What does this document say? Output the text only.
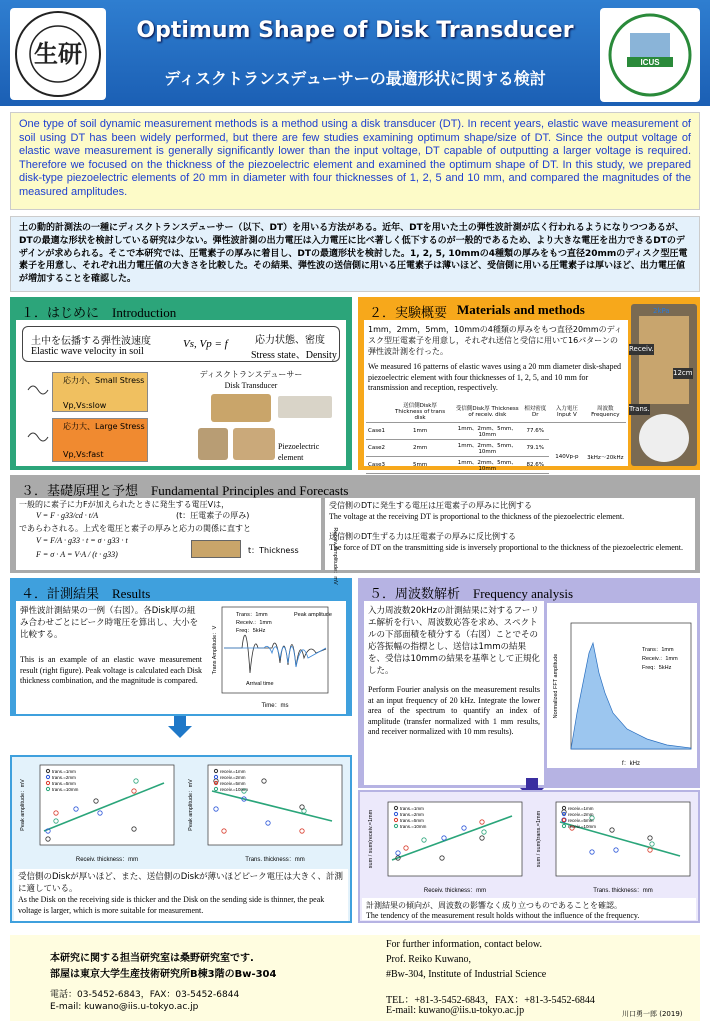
生研
Optimum Shape of Disk Transducer
ディスクトランスデューサーの最適形状に関する検討
ICUS
One type of soil dynamic measurement methods is a method using a disk transducer (DT). In recent years, elastic wave measurement of soil using DT has been widely performed, but there are few studies examining optimum shape/size of DT. Since the output voltage of elastic wave measurement is generally significantly lower than the input voltage, DT capable of outputting a larger voltage is required. Therefore we focused on the thickness of the piezoelectric element and examined the optimum shape of DT. In this study, we prepared disk-type piezoelectric elements of 20 mm in diameter with four thicknesses of 1, 2, 5 and 10 mm, and compared the magnitudes of the measured amplitudes.
土の動的計測法の一種にディスクトランスデューサー（以下、DT）を用いる方法がある。近年、DTを用いた土の弾性波計測が広く行われるようになりつつあるが、DTの最適な形状を検討している研究は少ない。弾性波計測の出力電圧は入力電圧に比べ著しく低下するのが一般的であるため、より大きな電圧を出力できるDTのデザインが求められる。そこで本研究では、圧電素子の厚みに着目し、DTの最適形状を検討した。1, 2, 5, 10mmの4種類の厚みをもつ直径20mmのディスク型圧電素子を用意し、それぞれ出力電圧値の大きさを比較した。その結果、弾性波の送信側に用いる圧電素子は薄いほど、受信側に用いる圧電素子は厚いほど、出力電圧値が増加することを確認した。
１．はじめに　Introduction
土中を伝播する弾性波速度
Elastic wave velocity in soil
Vs, Vp = f	応力状態、密度
Stress state、Density
応力小、Small Stress
Vp,Vs:slow
応力大、Large Stress
Vp,Vs:fast
ディスクトランスデューサー
Disk Transducer
Piezoelectric element
２．実験概要 Materials and methods
1mm，2mm，5mm，10mmの4種類の厚みをもつ直径20mmのディスク型圧電素子を用意し，それぞれ送信と受信に用いて16パターンの弾性波計測を行った。
We measured 16 patterns of elastic waves using a 20 mm diameter disk-shaped piezoelectric element with four thicknesses of 1, 2, 5, and 10 mm for transmission and reception, respectively.
	送信側Disk厚 Thickness of trans disk	受信側Disk厚 Thickness of receiv. disk	相対密度 Dr	入力電圧 Input V	周波数 Frequency
Case1	1mm	1mm、2mm、5mm、10mm	77.6%	140Vp-p	3kHz～20kHz
Case2	2mm	1mm、2mm、5mm、10mm	79.1%		
Case3	5mm	1mm、2mm、5mm、10mm	82.6%		

2kPa
Receiv.
12cm
Trans.
３．基礎原理と予想　Fundamental Principles and Forecasts
一般的に素子に力Fが加えられたときに発生する電圧Vは，
V = F · g33/cd · t/A	(t：圧電素子の厚み)
であらわされる。上式を電圧と素子の厚みと応力の関係に直すと
V = F/A · g33 · t = σ · g33 · t
F = σ · A = V·A / (t · g33)	t：Thickness
受信側のDTに発生する電圧は圧電素子の厚みに比例する
The voltage at the receiving DT is proportional to the thickness of the piezoelectric element.
送信側のDT生ずる力は圧電素子の厚みに反比例する
The force of DT on the transmitting side is inversely proportional to the thickness of the piezoelectric element.
４．計測結果　Results
弾性波計測結果の一例（右図）。各Disk厚の組み合わせごとにピーク時電圧を算出し、大小を比較する。
This is an example of an elastic wave measurement result (right figure). Peak voltage is calculated each Disk thickness combination, and the magnitude is compared.
Trans：1mm
Receiv.：1mm
Freq：5kHz
Peak amplitude
Arrival time
Time：ms
Trans Amplitude：V
Receiv. Amplitude：mV
trans.=1mm
trans.=2mm
trans.=5mm
trans.=10mm
Receiv. thickness：mm
Peak amplitude：mV
receiv.=1mm
receiv.=2mm
receiv.=5mm
receiv.=10mm
Trans. thickness：mm
Peak amplitude：mV
受信側のDiskが厚いほど、また、送信側のDiskが薄いほどピーク電圧は大きく、計測に適している。
As the Disk on the receiving side is thicker and the Disk on the sending side is thinner, the peak voltage is larger, which is more suitable for measurement.
５．周波数解析　Frequency analysis
入力周波数20kHzの計測結果に対するフーリエ解析を行い、周波数応答を求め、スペクトルの下部面積を積分する（右図）ことでその応答振幅の指標とし、送信は1mmの結果を、受信は10mmの結果を基準として正規化した。
Perform Fourier analysis on the measurement results at an input frequency of 20 kHz. Integrate the lower area of the spectrum to quantify an index of amplitude (transfer normalized with 1 mm results, and receiver normalized with 10 mm results).
Trans：1mm
Receiv.：1mm
Freq：5kHz
f：kHz
Normalized FFT amplitude
trans.=1mm
trans.=2mm
trans.=5mm
trans.=10mm
Receiv. thickness：mm
sum / sum(receiv.=1mm
receiv.=1mm
receiv.=2mm
receiv.=5mm
receiv.=10mm
Trans. thickness：mm
sum / sum(trans.=1mm
計測結果の傾向が、周波数の影響なく成り立つものであることを確認。
The tendency of the measurement result holds without the influence of the frequency.
本研究に関する担当研究室は桑野研究室です.
部屋は東京大学生産技術研究所B棟3階のBw-304
電話：03-5452-6843，FAX：03-5452-6844
E-mail: kuwano@iis.u-tokyo.ac.jp
For further information, contact below.
Prof. Reiko Kuwano,
#Bw-304, Institute of Industrial Science
TEL：+81-3-5452-6843，FAX：+81-3-5452-6844
E-mail: kuwano@iis.u-tokyo.ac.jp	川口勇一郎 (2019)
